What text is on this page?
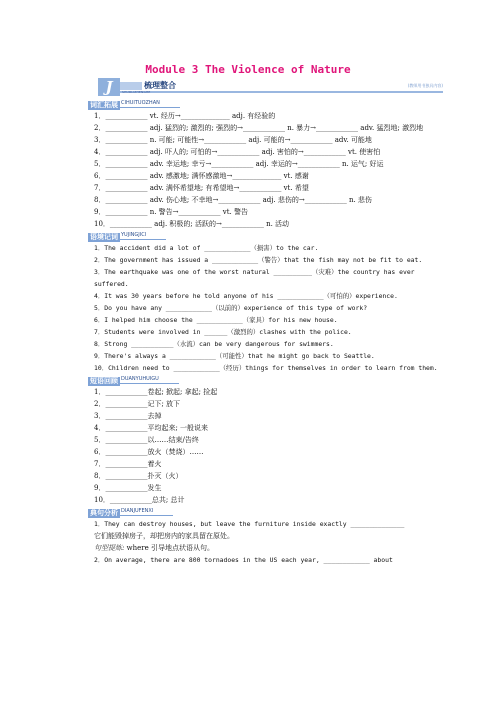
Module 3 The Violence of Nature
J	梳理整合
SHURLIZHENGHE
(教师用书独具内容)
词汇拓展 CIHUITUOZHAN
1．____________ vt. 经历→______________ adj. 有经验的
2．____________ adj. 猛烈的; 激烈的; 强烈的→____________ n. 暴力→____________ adv. 猛烈地; 激烈地
3．____________ n. 可能; 可能性→____________ adj. 可能的→____________ adv. 可能地
4．____________ adj. 吓人的; 可怕的→____________ adj. 害怕的→____________ vt. 使害怕
5．____________ adv. 幸运地; 幸亏→____________ adj. 幸运的→____________ n. 运气; 好运
6．____________ adv. 感激地; 满怀感激地→______________ vt. 感谢
7．____________ adv. 满怀希望地; 有希望地→____________ vt. 希望
8．____________ adv. 伤心地; 不幸地→____________ adj. 悲伤的→____________ n. 悲伤
9．____________ n. 警告→____________ vt. 警告
10．____________ adj. 积极的; 活跃的→____________ n. 活动
语境记词 YUJINGJICI
1．The accident did a lot of ____________（损害）to the car.
2．The government has issued a ____________（警告）that the fish may not be fit to eat.
3．The earthquake was one of the worst natural __________（灾难）the country has ever suffered.
4．It was 30 years before he told anyone of his ____________（可怕的）experience.
5．Do you have any ____________（以前的）experience of this type of work?
6．I helped him choose the ____________（家具）for his new house.
7．Students were involved in ______（激烈的）clashes with the police.
8．Strong ___________（水流）can be very dangerous for swimmers.
9．There's always a ____________（可能性）that he might go back to Seattle.
10．Children need to ____________（经历）things for themselves in order to learn from them.
短语回顾 DUANYUHUIGU
1．____________卷起; 掀起; 拿起; 捡起
2．____________记下; 放下
3．____________去掉
4．____________平均起来; 一般说来
5．____________以……结束/告终
6．____________放火（焚烧）……
7．____________着火
8．____________扑灭（火）
9．____________发生
10．____________总共; 总计
典句分析 DIANJUFENXI
1．They can destroy houses, but leave the furniture inside exactly ______________
它们能毁掉房子，却把房内的家具留在原处。
句型提炼: where 引导地点状语从句。
2．On average, there are 800 tornadoes in the US each year, ____________ about
